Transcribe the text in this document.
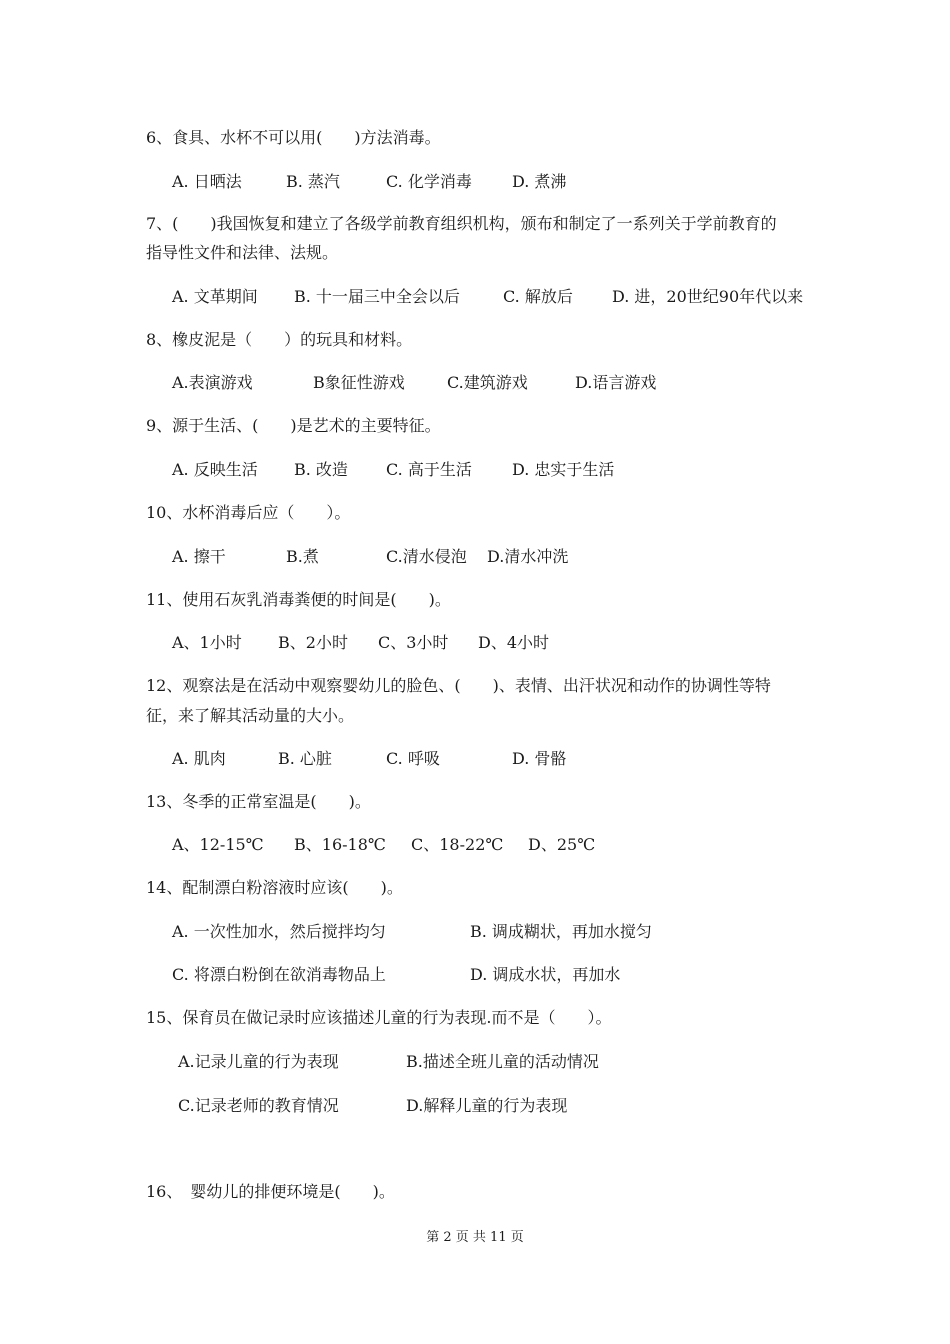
6、食具、水杯不可以用(　　)方法消毒。
A. 日晒法	B. 蒸汽	C. 化学消毒	D. 煮沸
7、(　　)我国恢复和建立了各级学前教育组织机构，颁布和制定了一系列关于学前教育的
指导性文件和法律、法规。
A. 文革期间 B. 十一届三中全会以后	C. 解放后 D. 进，20世纪90年代以来
8、橡皮泥是（　　）的玩具和材料。
A.表演游戏	B象征性游戏	C.建筑游戏	D.语言游戏
9、源于生活、(　　)是艺术的主要特征。
A. 反映生活 B. 改造 C. 高于生活	D. 忠实于生活
10、水杯消毒后应（　　）。
A. 擦干	B.煮	C.清水侵泡 D.清水冲洗
11、使用石灰乳消毒粪便的时间是(　　)。
A、1小时 B、2小时 C、3小时 D、4小时
12、观察法是在活动中观察婴幼儿的脸色、(　　)、表情、出汗状况和动作的协调性等特
征，来了解其活动量的大小。
A. 肌肉	B. 心脏	C. 呼吸	D. 骨骼
13、冬季的正常室温是(　　)。
A、12-15℃ B、16-18℃ C、18-22℃ D、25℃
14、配制漂白粉溶液时应该(　　)。
A. 一次性加水，然后搅拌均匀	B. 调成糊状，再加水搅匀
C. 将漂白粉倒在欲消毒物品上	D. 调成水状，再加水
15、保育员在做记录时应该描述儿童的行为表现.而不是（　　）。
A.记录儿童的行为表现	B.描述全班儿童的活动情况
C.记录老师的教育情况	D.解释儿童的行为表现
16、　婴幼儿的排便环境是(　　)。
第 2 页 共 11 页
